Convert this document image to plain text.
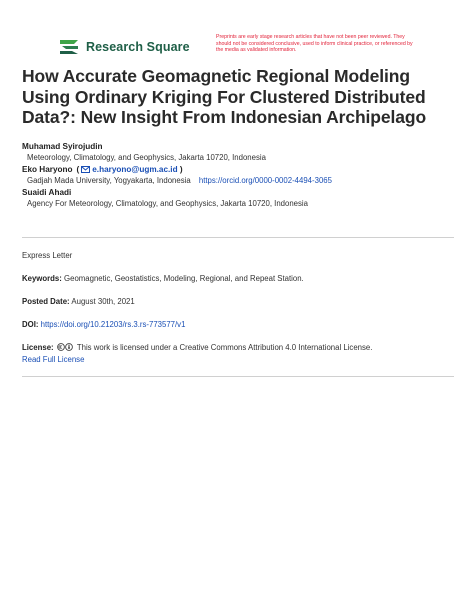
Research Square
Preprints are early stage research articles that have not been peer reviewed. They should not be considered conclusive, used to inform clinical practice, or referenced by the media as validated information.
How Accurate Geomagnetic Regional Modeling Using Ordinary Kriging For Clustered Distributed Data?: New Insight From Indonesian Archipelago
Muhamad Syirojudin
Meteorology, Climatology, and Geophysics, Jakarta 10720, Indonesia
Eko Haryono ( e.haryono@ugm.ac.id )
Gadjah Mada University, Yogyakarta, Indonesia https://orcid.org/0000-0002-4494-3065
Suaidi Ahadi
Agency For Meteorology, Climatology, and Geophysics, Jakarta 10720, Indonesia
Express Letter
Keywords: Geomagnetic, Geostatistics, Modeling, Regional, and Repeat Station.
Posted Date: August 30th, 2021
DOI: https://doi.org/10.21203/rs.3.rs-773577/v1
License:	This work is licensed under a Creative Commons Attribution 4.0 International License.
Read Full License
